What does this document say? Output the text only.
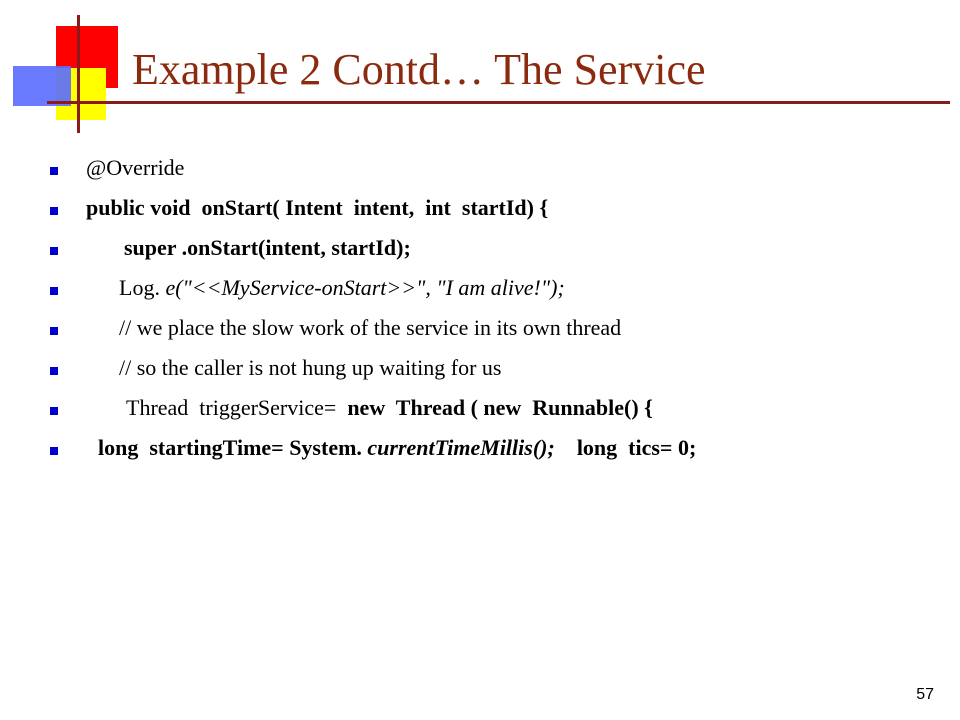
Example 2 Contd… The Service
@Override
public void  onStart( Intent  intent,  int  startId) {
super .onStart(intent, startId);
Log. e("<<MyService-onStart>>", "I am alive!");
// we place the slow work of the service in its own thread
// so the caller is not hung up waiting for us
Thread  triggerService=  new  Thread ( new  Runnable() {
long  startingTime= System. currentTimeMillis();    long  tics= 0;
57
